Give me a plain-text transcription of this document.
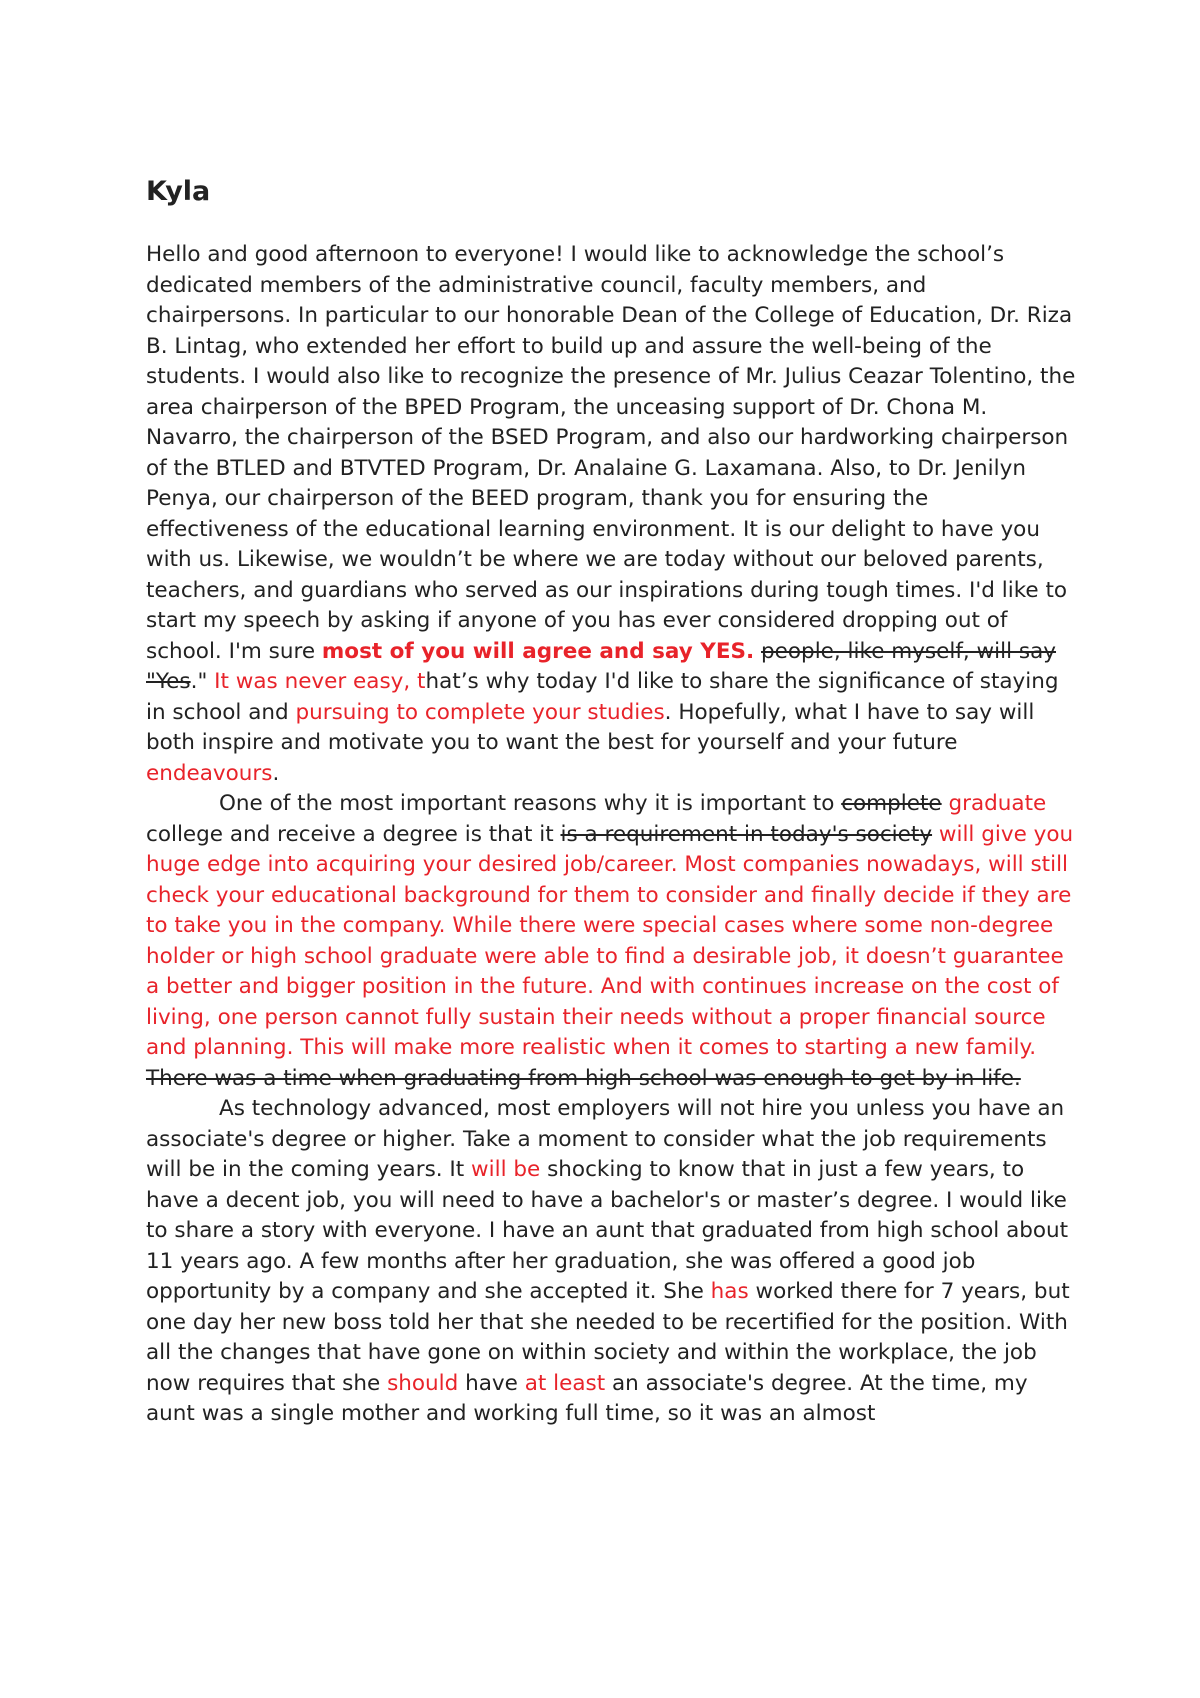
Kyla

Hello and good afternoon to everyone! I would like to acknowledge the school’s dedicated members of the administrative council, faculty members, and chairpersons. In particular to our honorable Dean of the College of Education, Dr. Riza B. Lintag, who extended her effort to build up and assure the well-being of the students. I would also like to recognize the presence of Mr. Julius Ceazar Tolentino, the area chairperson of the BPED Program, the unceasing support of Dr. Chona M. Navarro, the chairperson of the BSED Program, and also our hardworking chairperson of the BTLED and BTVTED Program, Dr. Analaine G. Laxamana. Also, to Dr. Jenilyn Penya, our chairperson of the BEED program, thank you for ensuring the effectiveness of the educational learning environment. It is our delight to have you with us. Likewise, we wouldn’t be where we are today without our beloved parents, teachers, and guardians who served as our inspirations during tough times. I'd like to start my speech by asking if anyone of you has ever considered dropping out of school. I'm sure most of you will agree and say YES. people, like myself, will say "Yes." It was never easy, that’s why today I'd like to share the significance of staying in school and pursuing to complete your studies. Hopefully, what I have to say will both inspire and motivate you to want the best for yourself and your future endeavours.

One of the most important reasons why it is important to complete graduate college and receive a degree is that it is a requirement in today's society will give you huge edge into acquiring your desired job/career. Most companies nowadays, will still check your educational background for them to consider and finally decide if they are to take you in the company. While there were special cases where some non-degree holder or high school graduate were able to find a desirable job, it doesn’t guarantee a better and bigger position in the future. And with continues increase on the cost of living, one person cannot fully sustain their needs without a proper financial source and planning. This will make more realistic when it comes to starting a new family. There was a time when graduating from high school was enough to get by in life.

As technology advanced, most employers will not hire you unless you have an associate's degree or higher. Take a moment to consider what the job requirements will be in the coming years. It will be shocking to know that in just a few years, to have a decent job, you will need to have a bachelor's or master’s degree. I would like to share a story with everyone. I have an aunt that graduated from high school about 11 years ago. A few months after her graduation, she was offered a good job opportunity by a company and she accepted it. She has worked there for 7 years, but one day her new boss told her that she needed to be recertified for the position. With all the changes that have gone on within society and within the workplace, the job now requires that she should have at least an associate's degree. At the time, my aunt was a single mother and working full time, so it was an almost
